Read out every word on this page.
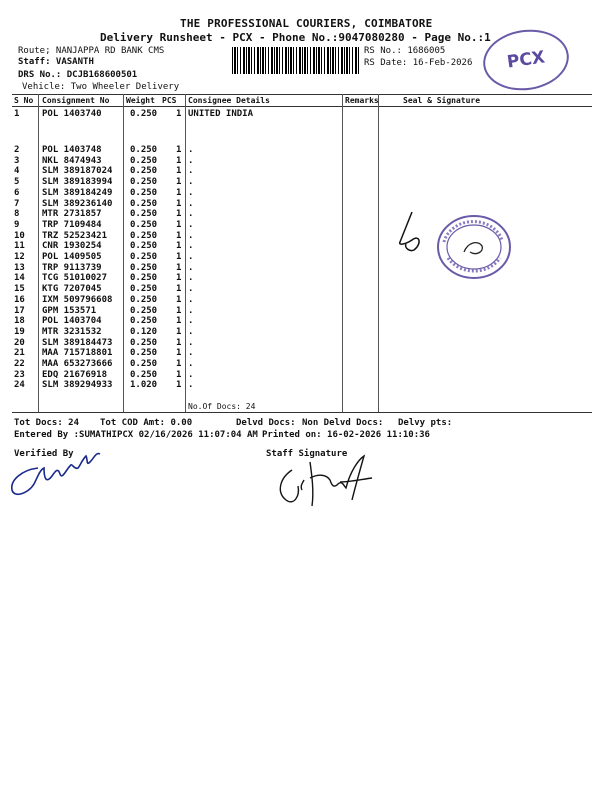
THE PROFESSIONAL COURIERS, COIMBATORE
Delivery Runsheet - PCX - Phone No.:9047080280 - Page No.:1
Route; NANJAPPA RD BANK CMS
Staff: VASANTH
DRS No.: DCJB168600501
Vehicle: Two Wheeler Delivery
RS No.: 1686005
RS Date: 16-Feb-2026	PCX
S No Consignment No Weight PCS Consignee Details	Remarks	Seal & Signature
1	POL 1403740	0.250 1 UNITED INDIA
2	POL 1403748	0.250 1 .
3	NKL 8474943	0.250 1 .
4	SLM 389187024 0.250 1 .
5	SLM 389183994 0.250 1 .
6	SLM 389184249 0.250 1 .
7	SLM 389236140 0.250 1 .
8	MTR 2731857	0.250 1 .
9	TRP 7109484	0.250 1 .
10 TRZ 52523421	0.250 1 .
11 CNR 1930254	0.250 1 .
12 POL 1409505	0.250 1 .
13 TRP 9113739	0.250 1 .
14 TCG 51010027	0.250 1 .
15 KTG 7207045	0.250 1 .
16 IXM 509796608 0.250 1 .
17 GPM 153571	0.250 1 .
18 POL 1403704	0.250 1 .
19 MTR 3231532	0.120 1 .
20 SLM 389184473 0.250 1 .
21 MAA 715718801 0.250 1 .
22 MAA 653273666 0.250 1 .
23 EDQ 21676918	0.250 1 .
24 SLM 389294933 1.020 1 .
No.Of Docs: 24
Tot Docs: 24 Tot COD Amt: 0.00	Delvd Docs: Non Delvd Docs: Delvy pts:
Entered By :SUMATHIPCX 02/16/2026 11:07:04 AM Printed on: 16-02-2026 11:10:36
Verified By	Staff Signature
